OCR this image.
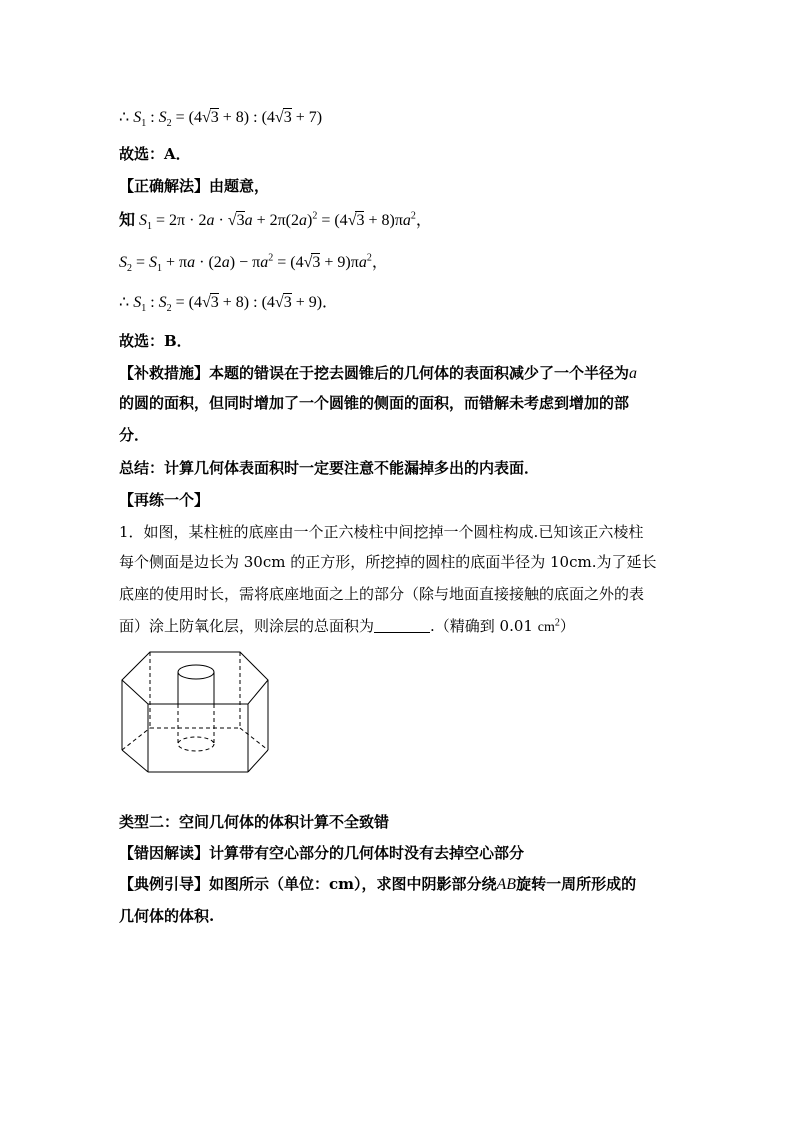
∴ $S_1$ : $S_2 = (4√3 + 8)$ : (4√3 + 7)
故选：A．
【正确解法】由题意，
知 $S_1 = 2\pi \cdot 2a \cdot √3a + 2\pi(2a)^2 = (4√3 + 8)\pi a^2$，
$S_2 = S_1 + \pi a \cdot (2a) - \pi a^2 = (4√3 + 9)\pi a^2$，
∴ $S_1$ : $S_2 = (4√3 + 8)$ : (4√3 + 9)．
故选：B．
【补救措施】本题的错误在于挖去圆锥后的几何体的表面积减少了一个半径为a
的圆的面积，但同时增加了一个圆锥的侧面的面积，而错解未考虑到增加的部
分．
总结：计算几何体表面积时一定要注意不能漏掉多出的内表面．
【再练一个】
1．如图，某柱桩的底座由一个正六棱柱中间挖掉一个圆柱构成.已知该正六棱柱
每个侧面是边长为 30cm 的正方形，所挖掉的圆柱的底面半径为 10cm.为了延长
底座的使用时长，需将底座地面之上的部分（除与地面直接接触的底面之外的表
面）涂上防氧化层，则涂层的总面积为	.（精确到 0.01 $cm^2$）
类型二：空间几何体的体积计算不全致错
【错因解读】计算带有空心部分的几何体时没有去掉空心部分
【典例引导】如图所示（单位：cm），求图中阴影部分绕AB旋转一周所形成的
几何体的体积.
